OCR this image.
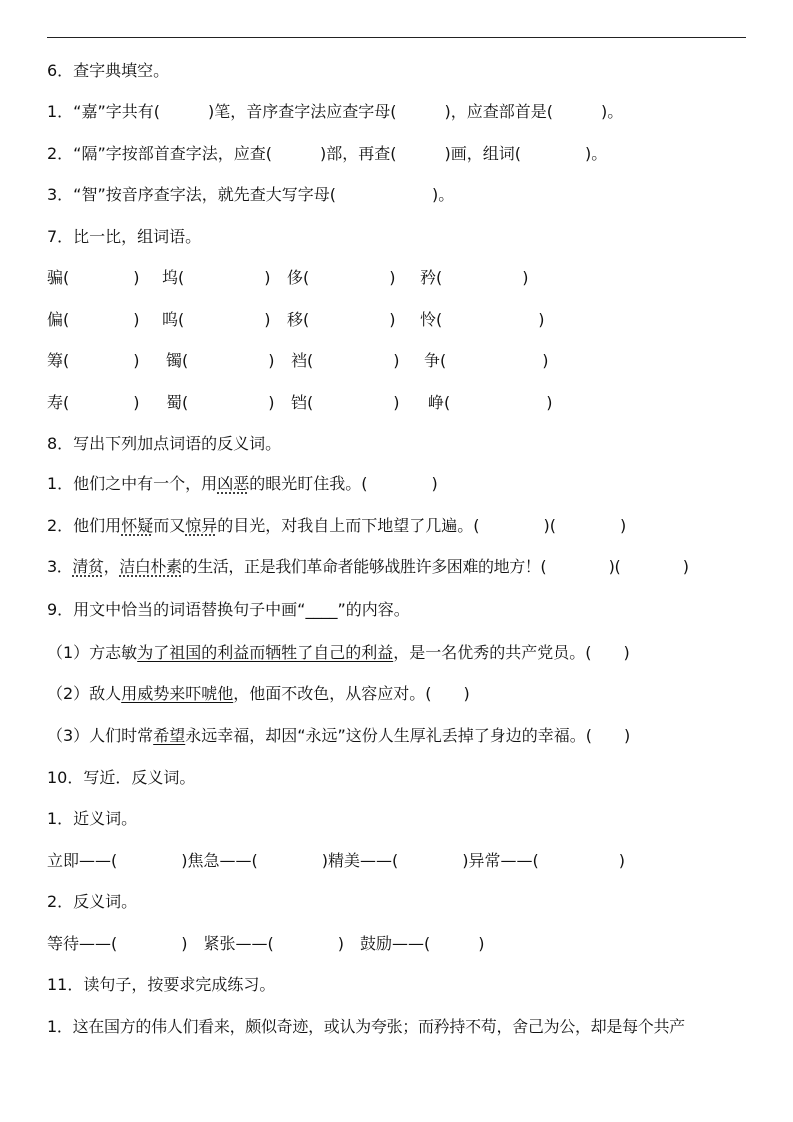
6．查字典填空。
1．“嘉”字共有(　　　)笔，音序查字法应查字母(　　　)，应查部首是(　　　)。
2．“隔”字按部首查字法，应查(　　　)部，再查(　　　)画，组词(　　　　)。
3．“智”按音序查字法，就先查大写字母(　　　　　　)。
7．比一比，组词语。
骗(　　　　) 坞(　　　　　) 侈(　　　　　) 矜(　　　　　)
偏(　　　　) 呜(　　　　　) 移(　　　　　) 怜(　　　　　　)
筹(　　　　) 镯(　　　　　) 裆(　　　　　) 争(　　　　　　)
寿(　　　　) 蜀(　　　　　) 铛(　　　　　) 峥(　　　　　　)
8．写出下列加点词语的反义词。
1．他们之中有一个，用凶恶的眼光盯住我。(　　　　)
2．他们用怀疑而又惊异的目光，对我自上而下地望了几遍。(　　　　)(　　　　)
3．清贫，洁白朴素的生活，正是我们革命者能够战胜许多困难的地方！(　　　　)(　　　　)
9．用文中恰当的词语替换句子中画“____”的内容。
（1）方志敏为了祖国的利益而牺牲了自己的利益，是一名优秀的共产党员。(　　)
（2）敌人用威势来吓唬他，他面不改色，从容应对。(　　)
（3）人们时常希望永远幸福，却因“永远”这份人生厚礼丢掉了身边的幸福。(　　)
10．写近．反义词。
1．近义词。
立即——(　　　　)焦急——(　　　　)精美——(　　　　)异常——(　　　　　)
2．反义词。
等待——(　　　　)　紧张——(　　　　)　鼓励——(　　　)
11．读句子，按要求完成练习。
1．这在国方的伟人们看来，颇似奇迹，或认为夸张；而矜持不苟，舍己为公，却是每个共产
